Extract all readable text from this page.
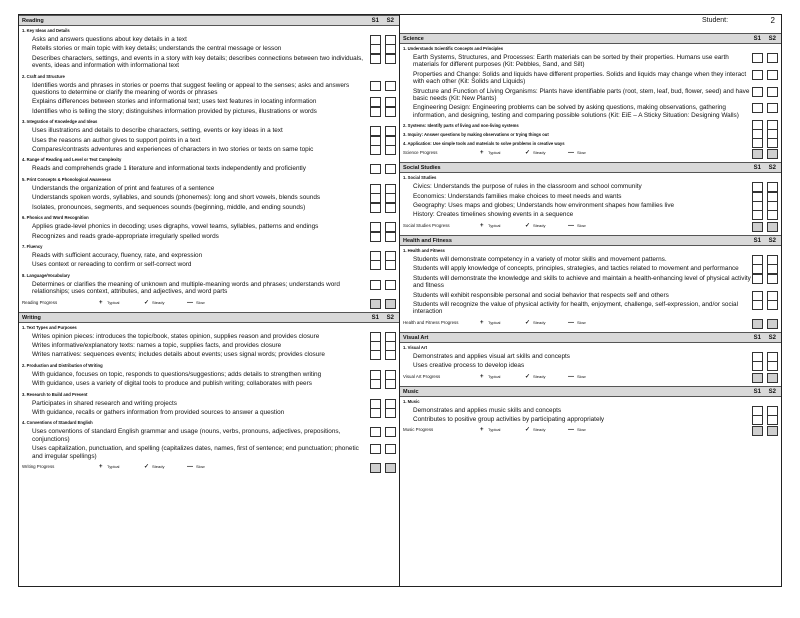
Reading	S1 S2
1. Key Ideas and Details
Asks and answers questions about key details in a text
Retells stories or main topic with key details; understands the central message or lesson
Describes characters, settings, and events in a story with key details; describes connections between two individuals, events, ideas and information with informational text
2. Craft and Structure
Identifies words and phrases in stories or poems that suggest feeling or appeal to the senses; asks and answers questions to determine or clarify the meaning of words or phrases
Explains differences between stories and informational text; uses text features in locating information
Identifies who is telling the story; distinguishes information provided by pictures, illustrations or words
3. Integration of Knowledge and Ideas
Uses illustrations and details to describe characters, setting, events or key ideas in a text
Uses the reasons an author gives to support points in a text
Compares/contrasts adventures and experiences of characters in two stories or texts on same topic
4. Range of Reading and Level or Text Complexity
Reads and comprehends grade 1 literature and informational texts independently and proficiently
5. Print Concepts & Phonological Awareness
Understands the organization of print and features of a sentence
Understands spoken words, syllables, and sounds (phonemes): long and short vowels, blends sounds
Isolates, pronounces, segments, and sequences sounds (beginning, middle, and ending sounds)
6. Phonics and Word Recognition
Applies grade-level phonics in decoding; uses digraphs, vowel teams, syllables, patterns and endings
Recognizes and reads grade-appropriate irregularly spelled words
7. Fluency
Reads with sufficient accuracy, fluency, rate, and expression
Uses context or rereading to confirm or self-correct word
8. Language/Vocabulary
Determines or clarifies the meaning of unknown and multiple-meaning words and phrases; understands word relationships; uses context, attributes, and adjectives, and word parts
Reading Progress	+ Typical	✓ Steady	— Slow
Writing	S1 S2
1. Text Types and Purposes
Writes opinion pieces: introduces the topic/book, states opinion, supplies reason and provides closure
Writes informative/explanatory texts: names a topic, supplies facts, and provides closure
Writes narratives: sequences events; includes details about events; uses signal words; provides closure
2. Production and Distribution of Writing
With guidance, focuses on topic, responds to questions/suggestions; adds details to strengthen writing
With guidance, uses a variety of digital tools to produce and publish writing; collaborates with peers
3. Research to Build and Present
Participates in shared research and writing projects
With guidance, recalls or gathers information from provided sources to answer a question
4. Conventions of Standard English
Uses conventions of standard English grammar and usage (nouns, verbs, pronouns, adjectives, prepositions, conjunctions)
Uses capitalization, punctuation, and spelling (capitalizes dates, names, first of sentence; end punctuation; phonetic and irregular spellings)
Writing Progress	+ Typical	✓ Steady	— Slow
Student:	2
Science	S1 S2
1. Understands Scientific Concepts and Principles
Earth Systems, Structures, and Processes: Earth materials can be sorted by their properties. Humans use earth materials for different purposes (Kit: Pebbles, Sand, and Silt)
Properties and Change: Solids and liquids have different properties. Solids and liquids may change when they interact with each other (Kit: Solids and Liquids)
Structure and Function of Living Organisms: Plants have identifiable parts (root, stem, leaf, bud, flower, seed) and have basic needs (Kit: New Plants)
Engineering Design: Engineering problems can be solved by asking questions, making observations, gathering information, and designing, testing and comparing possible solutions (Kit: EiE – A Sticky Situation: Designing Walls)
2. Systems: Identify parts of living and non-living systems
3. Inquiry: Answer questions by making observations or trying things out
4. Application: Use simple tools and materials to solve problems in creative ways
Science Progress	+ Typical	✓ Steady	— Slow
Social Studies	S1 S2
1. Social Studies
Civics: Understands the purpose of rules in the classroom and school community
Economics: Understands families make choices to meet needs and wants
Geography: Uses maps and globes; Understands how environment shapes how families live
History: Creates timelines showing events in a sequence
Social Studies Progress	+ Typical	✓ Steady	— Slow
Health and Fitness	S1 S2
1. Health and Fitness
Students will demonstrate competency in a variety of motor skills and movement patterns.
Students will apply knowledge of concepts, principles, strategies, and tactics related to movement and performance
Students will demonstrate the knowledge and skills to achieve and maintain a health-enhancing level of physical activity and fitness
Students will exhibit responsible personal and social behavior that respects self and others
Students will recognize the value of physical activity for health, enjoyment, challenge, self-expression, and/or social interaction
Health and Fitness Progress	+ Typical	✓ Steady	— Slow
Visual Art	S1 S2
1. Visual Art
Demonstrates and applies visual art skills and concepts
Uses creative process to develop ideas
Visual Art Progress	+ Typical	✓ Steady	— Slow
Music	S1 S2
1. Music
Demonstrates and applies music skills and concepts
Contributes to positive group activities by participating appropriately
Music Progress	+ Typical	✓ Steady	— Slow
